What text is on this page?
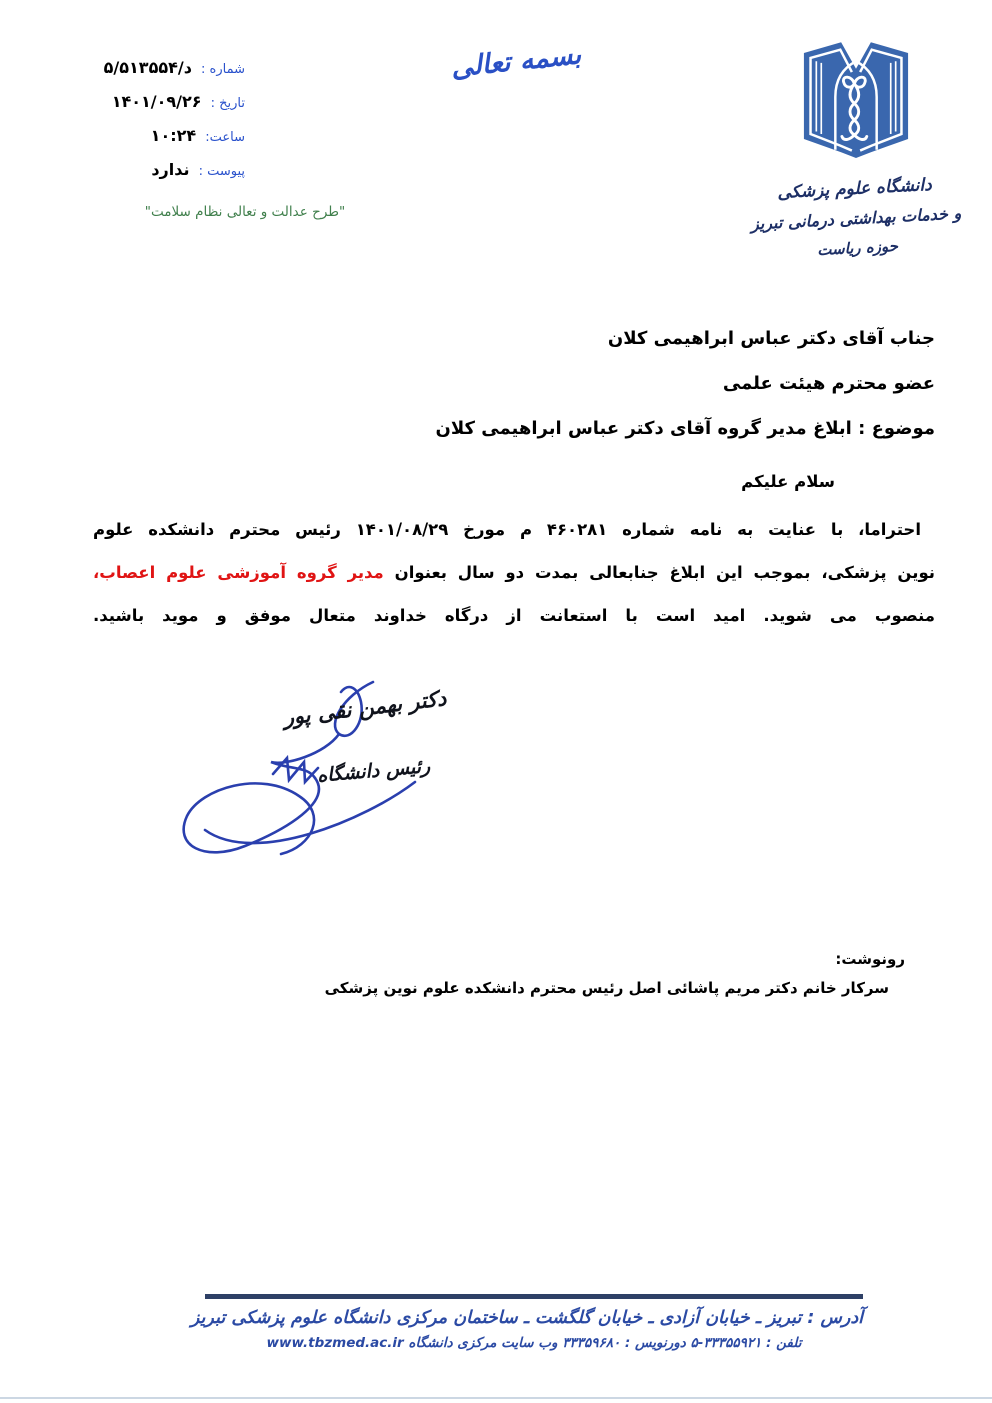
شماره : ۵/د/۵۱۳۵۵۴
تاریخ : ۱۴۰۱/۰۹/۲۶
ساعت: ۱۰:۲۴
پیوست : ندارد
"طرح عدالت و تعالی نظام سلامت"
بسمه تعالی
دانشگاه علوم پزشکی
و خدمات بهداشتی درمانی تبریز
حوزه ریاست
جناب آقای دکتر عباس ابراهیمی کلان
عضو محترم هیئت علمی
موضوع : ابلاغ مدیر گروه آقای دکتر عباس ابراهیمی کلان
سلام علیکم
احتراما، با عنایت به نامه شماره ۴۶۰۲۸۱ م مورخ ۱۴۰۱/۰۸/۲۹ رئیس محترم دانشکده علوم
نوین پزشکی، بموجب این ابلاغ جنابعالی بمدت دو سال بعنوان مدیر گروه آموزشی علوم اعصاب،
منصوب می شوید. امید است با استعانت از درگاه خداوند متعال موفق و موید باشید.
دکتر بهمن نقی پور
رئیس دانشگاه
رونوشت:
سرکار خانم دکتر مریم پاشائی اصل رئیس محترم دانشکده علوم نوین پزشکی
آدرس : تبریز ـ خیابان آزادی ـ خیابان گلگشت ـ ساختمان مرکزی دانشگاه علوم پزشکی تبریز
تلفن : ۳۳۳۵۵۹۲۱-۵ دورنویس : ۳۳۳۵۹۶۸۰ وب سایت مرکزی دانشگاه www.tbzmed.ac.ir
